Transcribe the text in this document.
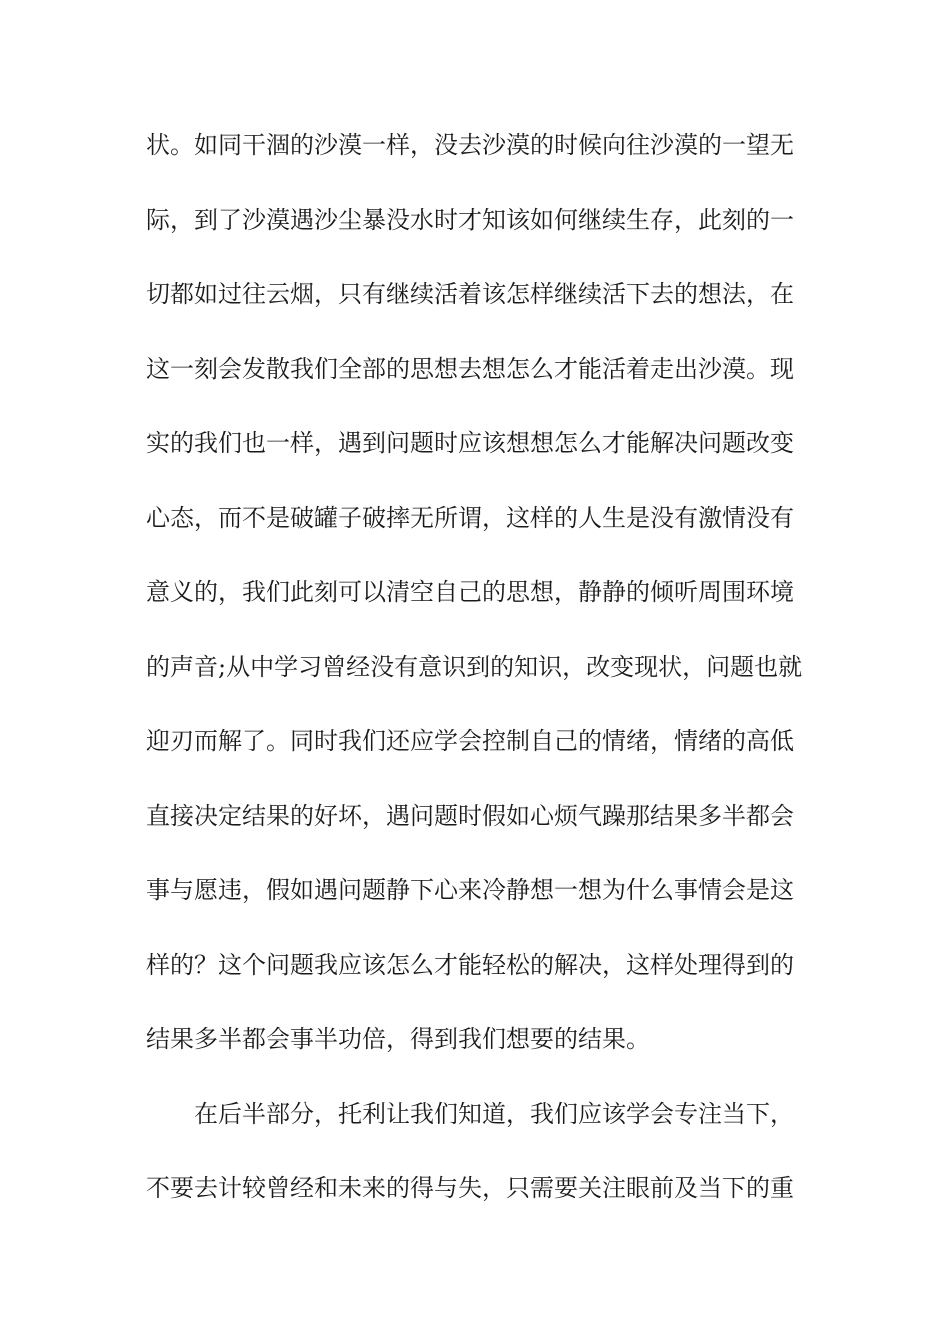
状。如同干涸的沙漠一样，没去沙漠的时候向往沙漠的一望无
际，到了沙漠遇沙尘暴没水时才知该如何继续生存，此刻的一
切都如过往云烟，只有继续活着该怎样继续活下去的想法，在
这一刻会发散我们全部的思想去想怎么才能活着走出沙漠。现
实的我们也一样，遇到问题时应该想想怎么才能解决问题改变
心态，而不是破罐子破摔无所谓，这样的人生是没有激情没有
意义的，我们此刻可以清空自己的思想，静静的倾听周围环境
的声音;从中学习曾经没有意识到的知识，改变现状，问题也就
迎刃而解了。同时我们还应学会控制自己的情绪，情绪的高低
直接决定结果的好坏，遇问题时假如心烦气躁那结果多半都会
事与愿违，假如遇问题静下心来冷静想一想为什么事情会是这
样的？这个问题我应该怎么才能轻松的解决，这样处理得到的
结果多半都会事半功倍，得到我们想要的结果。
在后半部分，托利让我们知道，我们应该学会专注当下，
不要去计较曾经和未来的得与失，只需要关注眼前及当下的重
